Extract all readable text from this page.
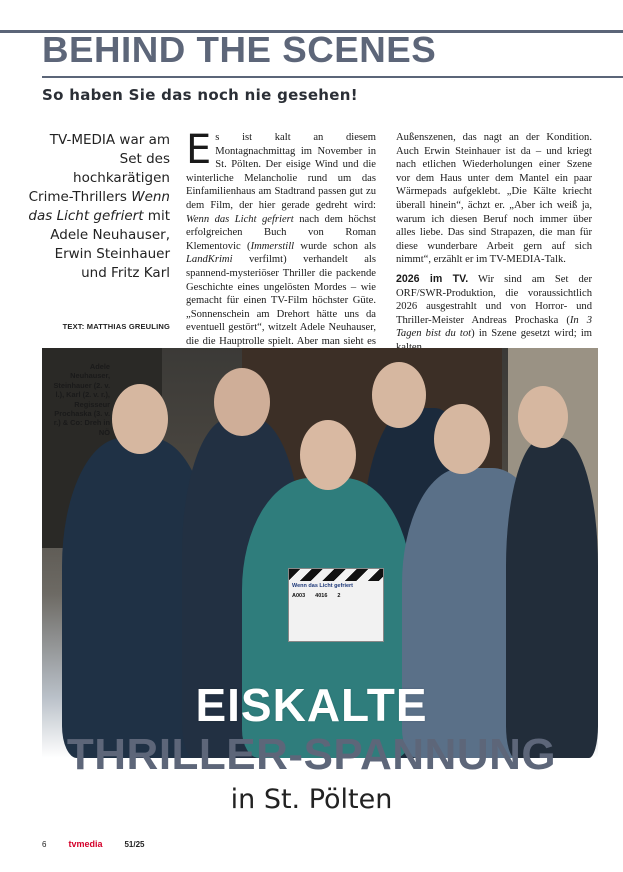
BEHIND THE SCENES
So haben Sie das noch nie gesehen!
TV-MEDIA war am Set des hochkarätigen Crime-Thrillers Wenn das Licht gefriert mit Adele Neuhauser, Erwin Steinhauer und Fritz Karl
TEXT: MATTHIAS GREULING

Es ist kalt an diesem Montagnachmittag im November in St. Pölten. Der eisige Wind und die winterliche Melancholie rund um das Einfamilienhaus am Stadtrand passen gut zu dem Film, der hier gerade gedreht wird: Wenn das Licht gefriert nach dem höchst erfolgreichen Buch von Roman Klementovic (Immerstill wurde schon als LandKrimi verfilmt) verhandelt als spannend-mysteriöser Thriller die packende Geschichte eines ungelösten Mordes – wie gemacht für einen TV-Film höchster Güte. „Sonnenschein am Drehort hätte uns da eventuell gestört“, witzelt Adele Neuhauser, die die Hauptrolle spielt. Aber man sieht es

Außenszenen, das nagt an der Kondition. Auch Erwin Steinhauer ist da – und kriegt nach etlichen Wiederholungen einer Szene vor dem Haus unter dem Mantel ein paar Wärmepads aufgeklebt. „Die Kälte kriecht überall hinein“, ächzt er. „Aber ich weiß ja, warum ich diesen Beruf noch immer über alles liebe. Das sind Strapazen, die man für diese wunderbare Arbeit gern auf sich nimmt“, erzählt er im TV-MEDIA-Talk.

2026 im TV. Wir sind am Set der ORF/SWR-Produktion, die voraussichtlich 2026 ausgestrahlt und von Horror- und Thriller-Meister Andreas Prochaska (In 3 Tagen bist du tot) in Szene gesetzt wird; im

Wenn das Licht gefriert
A003 4016 2
Adele Neuhauser, Steinhauer (2. v. l.), Karl (2. v. r.), Regisseur Prochaska (3. v. r.) & Co: Dreh in NÖ
EISKALTE
THRILLER-SPANNUNG
in St. Pölten
6 tvmedia	51/25
